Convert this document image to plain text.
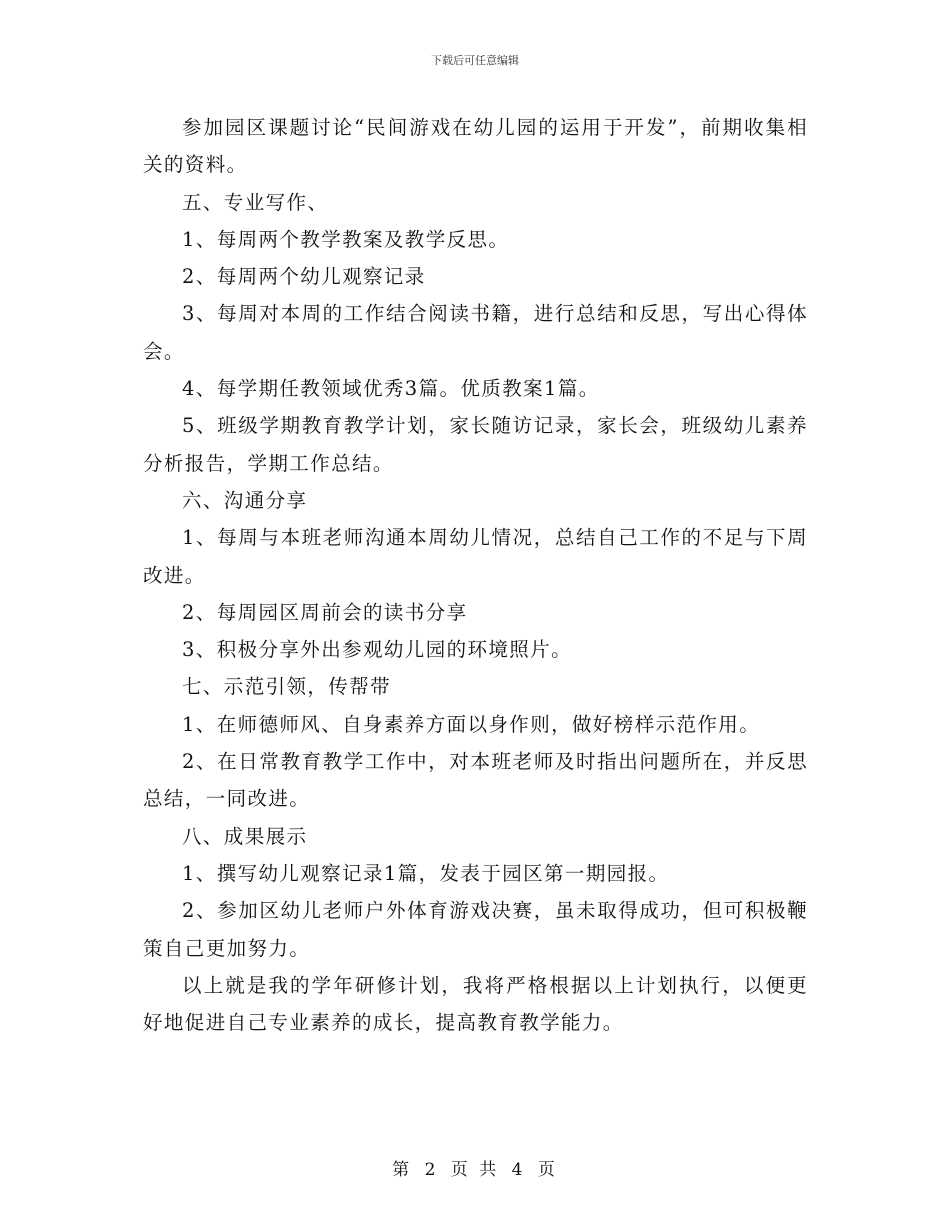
下载后可任意编辑

参加园区课题讨论“民间游戏在幼儿园的运用于开发”，前期收集相关的资料。

五、专业写作、

1、每周两个教学教案及教学反思。

2、每周两个幼儿观察记录

3、每周对本周的工作结合阅读书籍，进行总结和反思，写出心得体会。

4、每学期任教领域优秀3篇。优质教案1篇。

5、班级学期教育教学计划，家长随访记录，家长会，班级幼儿素养分析报告，学期工作总结。

六、沟通分享

1、每周与本班老师沟通本周幼儿情况，总结自己工作的不足与下周改进。

2、每周园区周前会的读书分享

3、积极分享外出参观幼儿园的环境照片。

七、示范引领，传帮带

1、在师德师风、自身素养方面以身作则，做好榜样示范作用。

2、在日常教育教学工作中，对本班老师及时指出问题所在，并反思总结，一同改进。

八、成果展示

1、撰写幼儿观察记录1篇，发表于园区第一期园报。

2、参加区幼儿老师户外体育游戏决赛，虽未取得成功，但可积极鞭策自己更加努力。

以上就是我的学年研修计划，我将严格根据以上计划执行，以便更好地促进自己专业素养的成长，提高教育教学能力。

第 2 页 共 4 页
